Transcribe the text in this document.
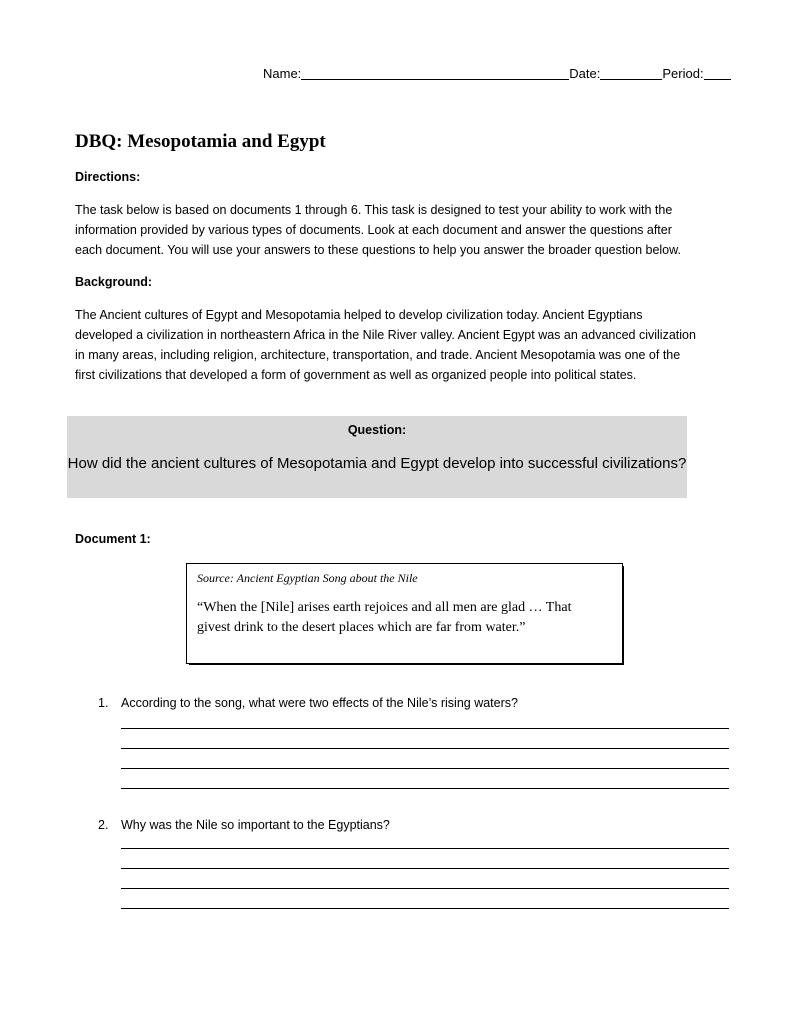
Name:	Date:	Period:
DBQ: Mesopotamia and Egypt
Directions:
The task below is based on documents 1 through 6. This task is designed to test your ability to work with the
information provided by various types of documents. Look at each document and answer the questions after
each document. You will use your answers to these questions to help you answer the broader question below.
Background:
The Ancient cultures of Egypt and Mesopotamia helped to develop civilization today. Ancient Egyptians
developed a civilization in northeastern Africa in the Nile River valley. Ancient Egypt was an advanced civilization
in many areas, including religion, architecture, transportation, and trade. Ancient Mesopotamia was one of the
first civilizations that developed a form of government as well as organized people into political states.
Question:
How did the ancient cultures of Mesopotamia and Egypt develop into successful civilizations?
Document 1:
Source: Ancient Egyptian Song about the Nile
“When the [Nile] arises earth rejoices and all men are glad … That
givest drink to the desert places which are far from water.”
1. According to the song, what were two effects of the Nile’s rising waters?
2. Why was the Nile so important to the Egyptians?
